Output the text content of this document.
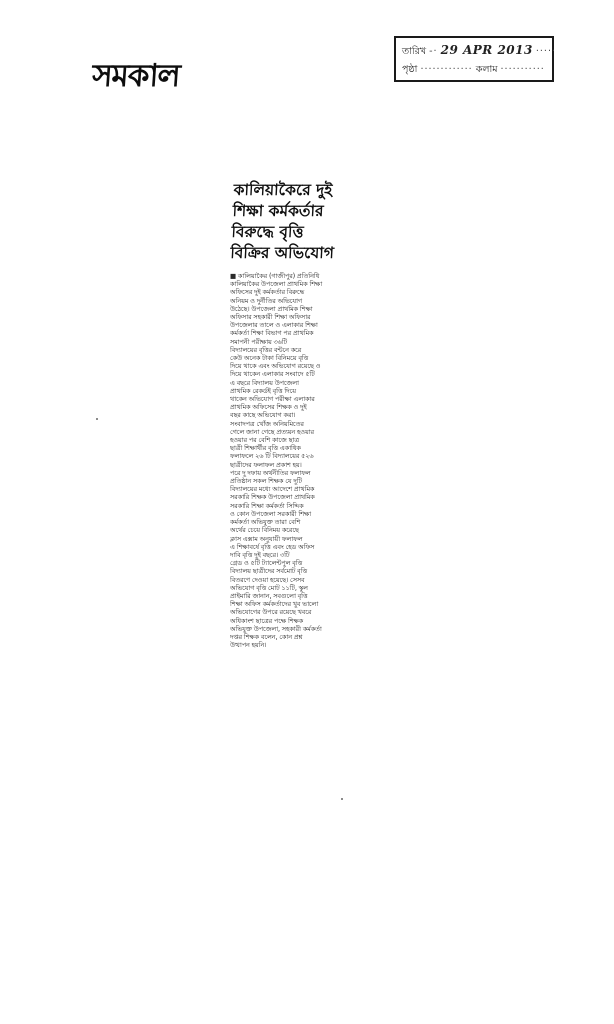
সমকাল
তারিখ -· 29 APR 2013 ·····
পৃষ্ঠা ············· কলাম ···········
কালিয়াকৈরে দুই
শিক্ষা কর্মকর্তার
বিরুদ্ধে বৃত্তি
বিক্রির অভিযোগ
■ কালিয়াকৈর (গাজীপুর) প্রতিনিধি
কালিয়াকৈর উপজেলা প্রাথমিক শিক্ষা
অফিসের দুই কর্মকর্তার বিরুদ্ধে
অনিয়ম ও দুর্নীতির অভিযোগ
উঠেছে। উপজেলা প্রাথমিক শিক্ষা
অফিসার সহকারী শিক্ষা অফিসার
উপজেলার তালে ও এলাকার শিক্ষা
কর্মকর্তা শিক্ষা বিভাগ পর প্রাথমিক
সমাপনী পরীক্ষায় ৩৬টি
বিদ্যালয়ের বৃত্তির বন্টনে করে
কেউ অনেক টাকা বিনিময়ে বৃত্তি
দিয়ে থাকে এবং অভিযোগ রয়েছে ও
দিয়ে থাকেন এলাকার সংবাদে ৫টি
এ বছরে বিদ্যালয় উপজেলা
প্রাথমিক রেকর্ডই বৃত্তি দিয়ে
থাকেন অভিযোগ পরীক্ষা এলাকার
প্রাথমিক অফিসের শিক্ষক ও দুই
বছর কাছে অভিযোগ করা।
সংবাদপত্র খোঁজ অনিয়মিতের
গেলে জানা গেছে প্রত্যয়ন হওয়ার
হওয়ার পর বেশি কাজে ছাত্র
ছাত্রী শিক্ষার্থীর বৃত্তি একাধিক
ফলাফলে ২৬ টি বিদ্যালয়ের ৫২৬
ছাত্রীদের ফলাফল প্রকাশ হয়।
পরে দু দফায় অর্থনীতির ফলাফল
প্রতিষ্ঠান সকল শিক্ষক যে দুটি
বিদ্যালয়ের মধ্যে আদেশে প্রাথমিক
সরকারি শিক্ষক উপজেলা প্রাথমিক
সরকারি শিক্ষা কর্মকর্তা সিদ্দিক
ও কোন উপজেলা সরকারী শিক্ষা
কর্মকর্তা অভিযুক্ত তারা বেশি
অর্থের চেয়ে বিনিময় করেছে
ক্লাস এক্সাম অনুযায়ী ফলাফল
এ শিক্ষাবর্ষে বৃত্তি এবং হেড অফিস
দাবি বৃত্তি দুই বছরে। ৩টি
গ্রেড ও ৫টি ট্যালেন্টপুল বৃত্তি
বিদ্যালয় ছাত্রীদের সর্বমোট বৃত্তি
বিতরণে দেওয়া হয়েছে। সেসব
অভিযোগ বৃত্তি মোট ১১টি, স্কুল
প্রাইমারি জানান, সবগুলো বৃত্তি
শিক্ষা অফিস কর্মকর্তাদের খুব ভালো
অভিযোগের উপরে রয়েছে খবরে
অধিকাংশ ছাত্রের পক্ষে শিক্ষক
অভিযুক্ত উপজেলা, সহকারী কর্মকর্তা
দপ্তর শিক্ষক বলেন, কোন প্রশ্ন
উত্থাপন হয়নি।
